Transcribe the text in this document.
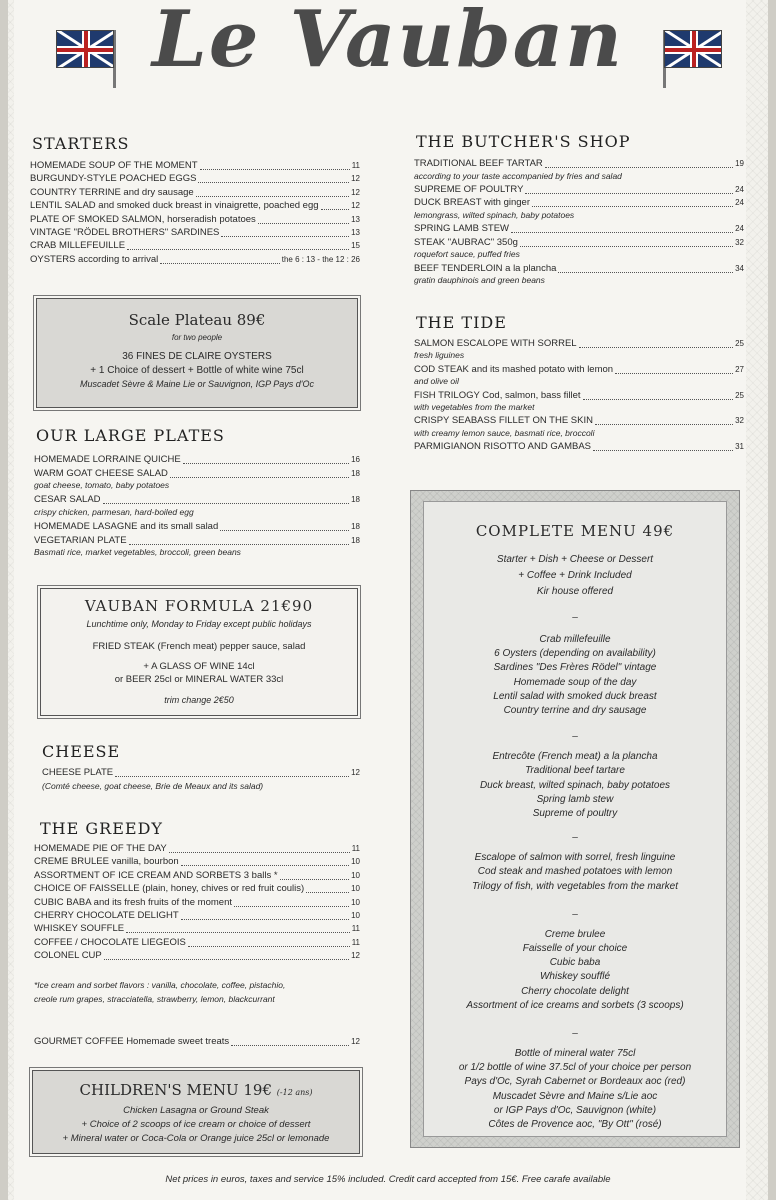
Le Vauban
STARTERS
HOMEMADE SOUP OF THE MOMENT	11
BURGUNDY-STYLE POACHED EGGS	12
COUNTRY TERRINE and dry sausage	12
LENTIL SALAD and smoked duck breast in vinaigrette, poached egg	12
PLATE OF SMOKED SALMON, horseradish potatoes	13
VINTAGE "RÖDEL BROTHERS" SARDINES	13
CRAB MILLEFEUILLE	15
OYSTERS according to arrival	the 6 : 13 - the 12 : 26
Scale Plateau 89€
for two people
36 FINES DE CLAIRE OYSTERS
+ 1 Choice of dessert + Bottle of white wine 75cl
Muscadet Sèvre & Maine Lie or Sauvignon, IGP Pays d'Oc
OUR LARGE PLATES
HOMEMADE LORRAINE QUICHE	16
WARM GOAT CHEESE SALAD	18
goat cheese, tomato, baby potatoes
CESAR SALAD	18
crispy chicken, parmesan, hard-boiled egg
HOMEMADE LASAGNE and its small salad	18
VEGETARIAN PLATE	18
Basmati rice, market vegetables, broccoli, green beans
VAUBAN FORMULA 21€90
Lunchtime only, Monday to Friday except public holidays
FRIED STEAK (French meat) pepper sauce, salad
+ A GLASS OF WINE 14cl
or BEER 25cl or MINERAL WATER 33cl
trim change 2€50
CHEESE
CHEESE PLATE	12
(Comté cheese, goat cheese, Brie de Meaux and its salad)
THE GREEDY
HOMEMADE PIE OF THE DAY	11
CREME BRULEE vanilla, bourbon	10
ASSORTMENT OF ICE CREAM AND SORBETS 3 balls *	10
CHOICE OF FAISSELLE (plain, honey, chives or red fruit coulis)	10
CUBIC BABA and its fresh fruits of the moment	10
CHERRY CHOCOLATE DELIGHT	10
WHISKEY SOUFFLE	11
COFFEE / CHOCOLATE LIEGEOIS	11
COLONEL CUP	12
*Ice cream and sorbet flavors : vanilla, chocolate, coffee, pistachio,
creole rum grapes, stracciatella, strawberry, lemon, blackcurrant
GOURMET COFFEE Homemade sweet treats	12
CHILDREN'S MENU 19€ (-12 ans)
Chicken Lasagna or Ground Steak
+ Choice of 2 scoops of ice cream or choice of dessert
+ Mineral water or Coca-Cola or Orange juice 25cl or lemonade
THE BUTCHER'S SHOP
TRADITIONAL BEEF TARTAR	19
according to your taste accompanied by fries and salad
SUPREME OF POULTRY	24
DUCK BREAST with ginger	24
lemongrass, wilted spinach, baby potatoes
SPRING LAMB STEW	24
STEAK "AUBRAC" 350g	32
roquefort sauce, puffed fries
BEEF TENDERLOIN a la plancha	34
gratin dauphinois and green beans
THE TIDE
SALMON ESCALOPE WITH SORREL	25
fresh liguines
COD STEAK and its mashed potato with lemon	27
and olive oil
FISH TRILOGY Cod, salmon, bass fillet	25
with vegetables from the market
CRISPY SEABASS FILLET ON THE SKIN	32
with creamy lemon sauce, basmati rice, broccoli
PARMIGIANON RISOTTO AND GAMBAS	31
COMPLETE MENU 49€
Starter + Dish + Cheese or Dessert
+ Coffee + Drink Included
Kir house offered
–
Crab millefeuille
6 Oysters (depending on availability)
Sardines "Des Frères Rödel" vintage
Homemade soup of the day
Lentil salad with smoked duck breast
Country terrine and dry sausage
–
Entrecôte (French meat) a la plancha
Traditional beef tartare
Duck breast, wilted spinach, baby potatoes
Spring lamb stew
Supreme of poultry
–
Escalope of salmon with sorrel, fresh linguine
Cod steak and mashed potatoes with lemon
Trilogy of fish, with vegetables from the market
–
Creme brulee
Faisselle of your choice
Cubic baba
Whiskey soufflé
Cherry chocolate delight
Assortment of ice creams and sorbets (3 scoops)
–
Bottle of mineral water 75cl
or 1/2 bottle of wine 37.5cl of your choice per person
Pays d'Oc, Syrah Cabernet or Bordeaux aoc (red)
Muscadet Sèvre and Maine s/Lie aoc
or IGP Pays d'Oc, Sauvignon (white)
Côtes de Provence aoc, "By Ott" (rosé)
Net prices in euros, taxes and service 15% included. Credit card accepted from 15€. Free carafe available
